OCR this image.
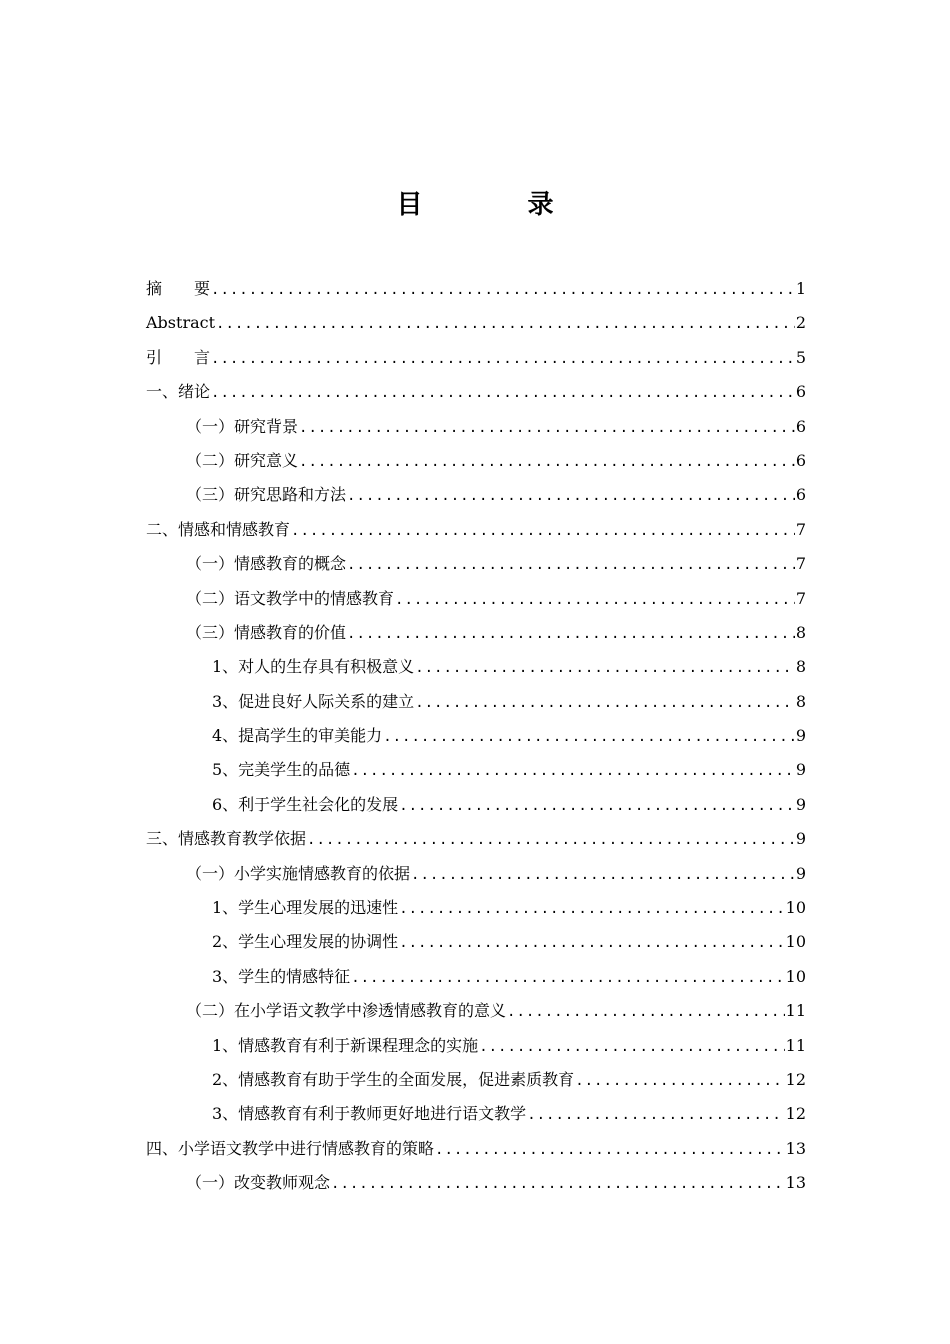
目 录
摘　　要 .....	1
Abstract .....	2
引　　言 .....	5
一、绪论 .....	6
（一）研究背景 .....	6
（二）研究意义 .....	6
（三）研究思路和方法 .....	6
二、情感和情感教育 .....	7
（一）情感教育的概念 .....	7
（二）语文教学中的情感教育 .....	7
（三）情感教育的价值 .....	8
1、对人的生存具有积极意义 .....	8
3、促进良好人际关系的建立 .....	8
4、提高学生的审美能力 .....	9
5、完美学生的品德 .....	9
6、利于学生社会化的发展 .....	9
三、情感教育教学依据 .....	9
（一）小学实施情感教育的依据 .....	9
1、学生心理发展的迅速性 .....	10
2、学生心理发展的协调性 .....	10
3、学生的情感特征 .....	10
（二）在小学语文教学中渗透情感教育的意义 .....	11
1、情感教育有利于新课程理念的实施 .....	11
2、情感教育有助于学生的全面发展，促进素质教育 .....	12
3、情感教育有利于教师更好地进行语文教学 .....	12
四、小学语文教学中进行情感教育的策略 .....	13
（一）改变教师观念 .....	13
